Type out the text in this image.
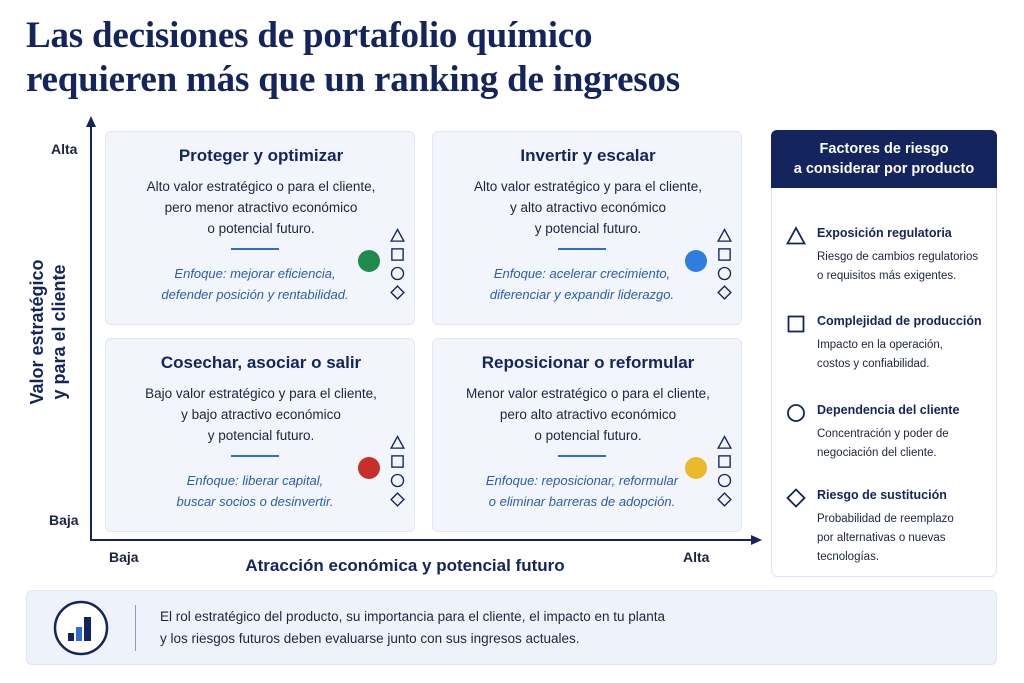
Las decisiones de portafolio químico
requieren más que un ranking de ingresos
Valor estratégico y para el cliente
Alta
Baja
Baja	Alta
Atracción económica y potencial futuro
Proteger y optimizar
Alto valor estratégico o para el cliente,
pero menor atractivo económico
o potencial futuro.
Enfoque: mejorar eficiencia,
defender posición y rentabilidad.
Invertir y escalar
Alto valor estratégico y para el cliente,
y alto atractivo económico
y potencial futuro.
Enfoque: acelerar crecimiento,
diferenciar y expandir liderazgo.
Cosechar, asociar o salir
Bajo valor estratégico y para el cliente,
y bajo atractivo económico
y potencial futuro.
Enfoque: liberar capital,
buscar socios o desinvertir.
Reposicionar o reformular
Menor valor estratégico o para el cliente,
pero alto atractivo económico
o potencial futuro.
Enfoque: reposicionar, reformular
o eliminar barreras de adopción.
Factores de riesgo
a considerar por producto
Exposición regulatoria
Riesgo de cambios regulatorios
o requisitos más exigentes.
Complejidad de producción
Impacto en la operación,
costos y confiabilidad.
Dependencia del cliente
Concentración y poder de
negociación del cliente.
Riesgo de sustitución
Probabilidad de reemplazo
por alternativas o nuevas
tecnologías.
El rol estratégico del producto, su importancia para el cliente, el impacto en tu planta
y los riesgos futuros deben evaluarse junto con sus ingresos actuales.
